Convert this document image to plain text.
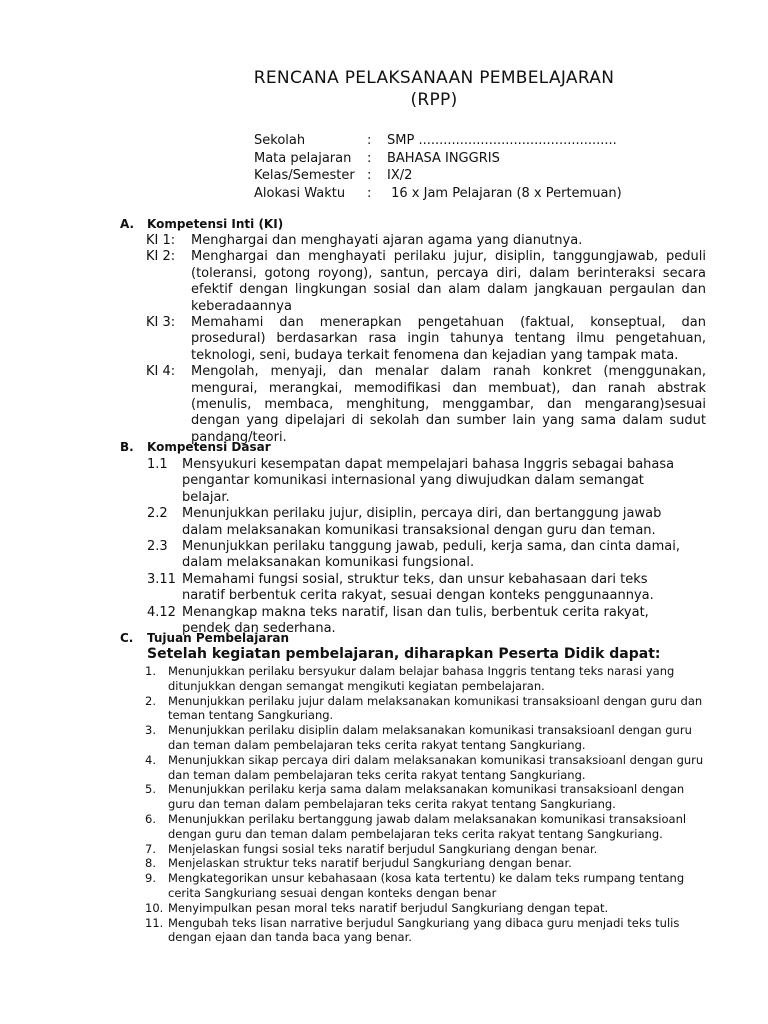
RENCANA PELAKSANAAN PEMBELAJARAN
(RPP)
Sekolah	:	SMP ................................................
Mata pelajaran	:	BAHASA INGGRIS
Kelas/Semester :	IX/2
Alokasi Waktu	:	16 x Jam Pelajaran (8 x Pertemuan)
A. Kompetensi Inti (KI)
KI 1:	Menghargai dan menghayati ajaran agama yang dianutnya.
KI 2:	Menghargai dan menghayati perilaku jujur, disiplin, tanggungjawab, peduli (toleransi, gotong royong), santun, percaya diri, dalam berinteraksi secara efektif dengan lingkungan sosial dan alam dalam jangkauan pergaulan dan keberadaannya
KI 3:	Memahami dan menerapkan pengetahuan (faktual, konseptual, dan prosedural) berdasarkan rasa ingin tahunya tentang ilmu pengetahuan, teknologi, seni, budaya terkait fenomena dan kejadian yang tampak mata.
KI 4:	Mengolah, menyaji, dan menalar dalam ranah konkret (menggunakan, mengurai, merangkai, memodifikasi dan membuat), dan ranah abstrak (menulis, membaca, menghitung, menggambar, dan mengarang)sesuai dengan yang dipelajari di sekolah dan sumber lain yang sama dalam sudut pandang/teori.
B. Kompetensi Dasar
1.1	Mensyukuri kesempatan dapat mempelajari bahasa Inggris sebagai bahasa pengantar komunikasi internasional yang diwujudkan dalam semangat belajar.
2.2	Menunjukkan perilaku jujur, disiplin, percaya diri, dan bertanggung jawab dalam melaksanakan komunikasi transaksional dengan guru dan teman.
2.3	Menunjukkan perilaku tanggung jawab, peduli, kerja sama, dan cinta damai, dalam melaksanakan komunikasi fungsional.
3.11 Memahami fungsi sosial, struktur teks, dan unsur kebahasaan dari teks naratif berbentuk cerita rakyat, sesuai dengan konteks penggunaannya.
4.12 Menangkap makna teks naratif, lisan dan tulis, berbentuk cerita rakyat, pendek dan sederhana.
C. Tujuan Pembelajaran
Setelah kegiatan pembelajaran, diharapkan Peserta Didik dapat:
1.	Menunjukkan perilaku bersyukur dalam belajar bahasa Inggris tentang teks narasi yang ditunjukkan dengan semangat mengikuti kegiatan pembelajaran.
2.	Menunjukkan perilaku jujur dalam melaksanakan komunikasi transaksioanl dengan guru dan teman tentang Sangkuriang.
3.	Menunjukkan perilaku disiplin dalam melaksanakan komunikasi transaksioanl dengan guru dan teman dalam pembelajaran teks cerita rakyat tentang Sangkuriang.
4.	Menunjukkan sikap percaya diri dalam melaksanakan komunikasi transaksioanl dengan guru dan teman dalam pembelajaran teks cerita rakyat tentang Sangkuriang.
5.	Menunjukkan perilaku kerja sama dalam melaksanakan komunikasi transaksioanl dengan guru dan teman dalam pembelajaran teks cerita rakyat tentang Sangkuriang.
6.	Menunjukkan perilaku bertanggung jawab dalam melaksanakan komunikasi transaksioanl dengan guru dan teman dalam pembelajaran teks cerita rakyat tentang Sangkuriang.
7.	Menjelaskan fungsi sosial teks naratif berjudul Sangkuriang dengan benar.
8.	Menjelaskan struktur teks naratif berjudul Sangkuriang dengan benar.
9.	Mengkategorikan unsur kebahasaan (kosa kata tertentu) ke dalam teks rumpang tentang cerita Sangkuriang sesuai dengan konteks dengan benar
10. Menyimpulkan pesan moral teks naratif berjudul Sangkuriang dengan tepat.
11. Mengubah teks lisan narrative berjudul Sangkuriang yang dibaca guru menjadi teks tulis dengan ejaan dan tanda baca yang benar.
